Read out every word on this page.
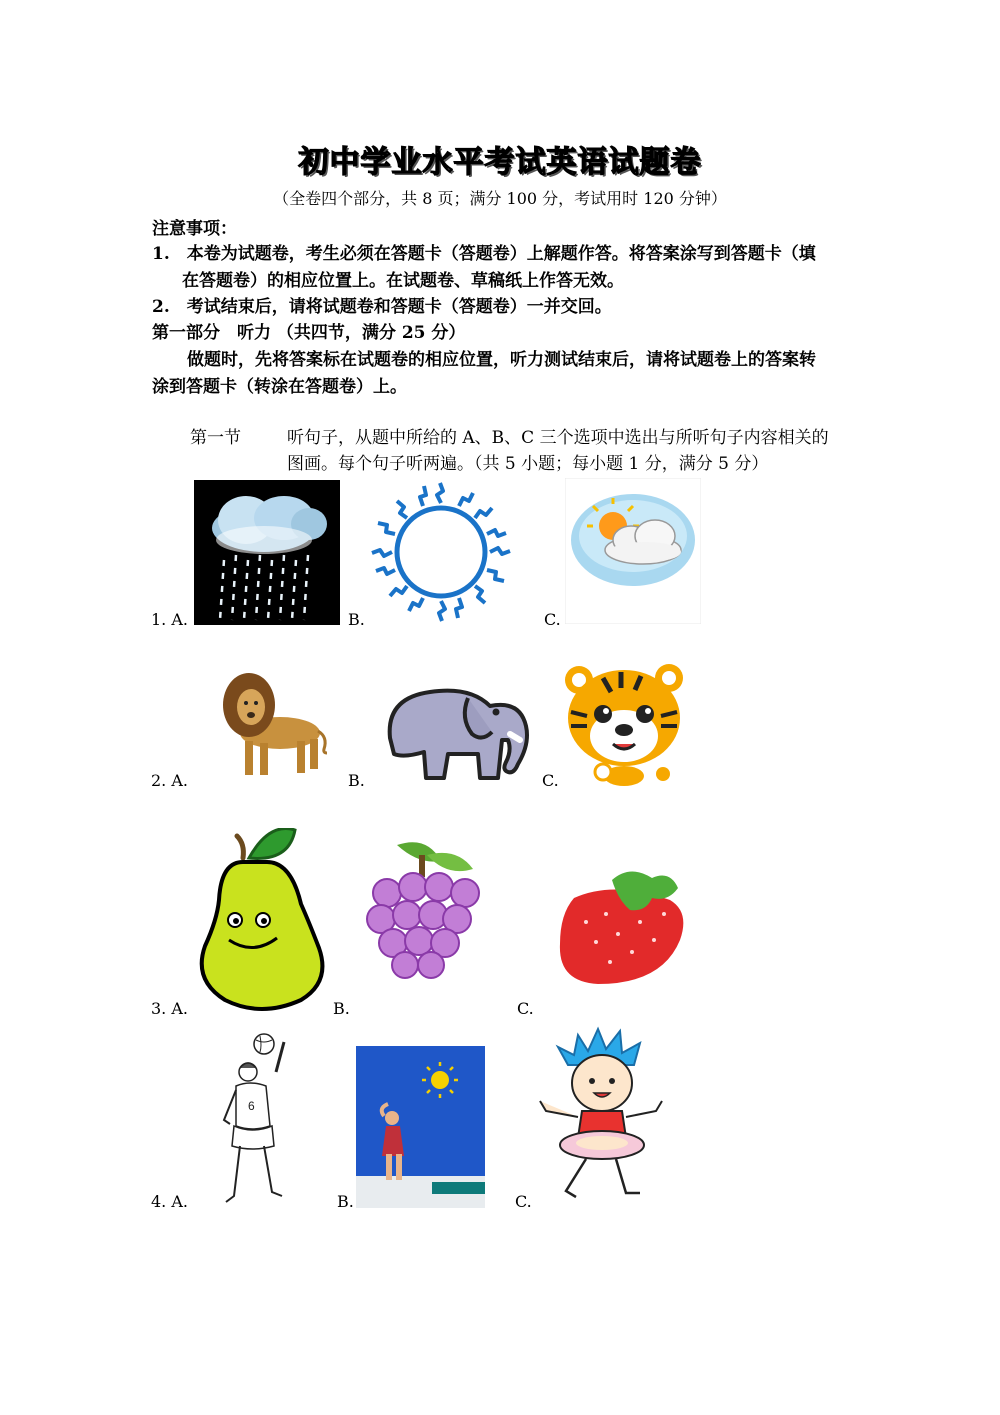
初中学业水平考试英语试题卷
（全卷四个部分，共 8 页；满分 100 分，考试用时 120 分钟）
注意事项：
1.　本卷为试题卷，考生必须在答题卡（答题卷）上解题作答。将答案涂写到答题卡（填
在答题卷）的相应位置上。在试题卷、草稿纸上作答无效。
2.　考试结束后，请将试题卷和答题卡（答题卷）一并交回。
第一部分　听力 （共四节，满分 25 分）
做题时，先将答案标在试题卷的相应位置，听力测试结束后，请将试题卷上的答案转
涂到答题卡（转涂在答题卷）上。
第一节	听句子，从题中所给的 A、B、C 三个选项中选出与所听句子内容相关的
图画。每个句子听两遍。（共 5 小题；每小题 1 分，满分 5 分）
1. A.	B.	C.
2. A.	B.	C.
3. A.	B.	C.
4. A.	B.	C.
6
